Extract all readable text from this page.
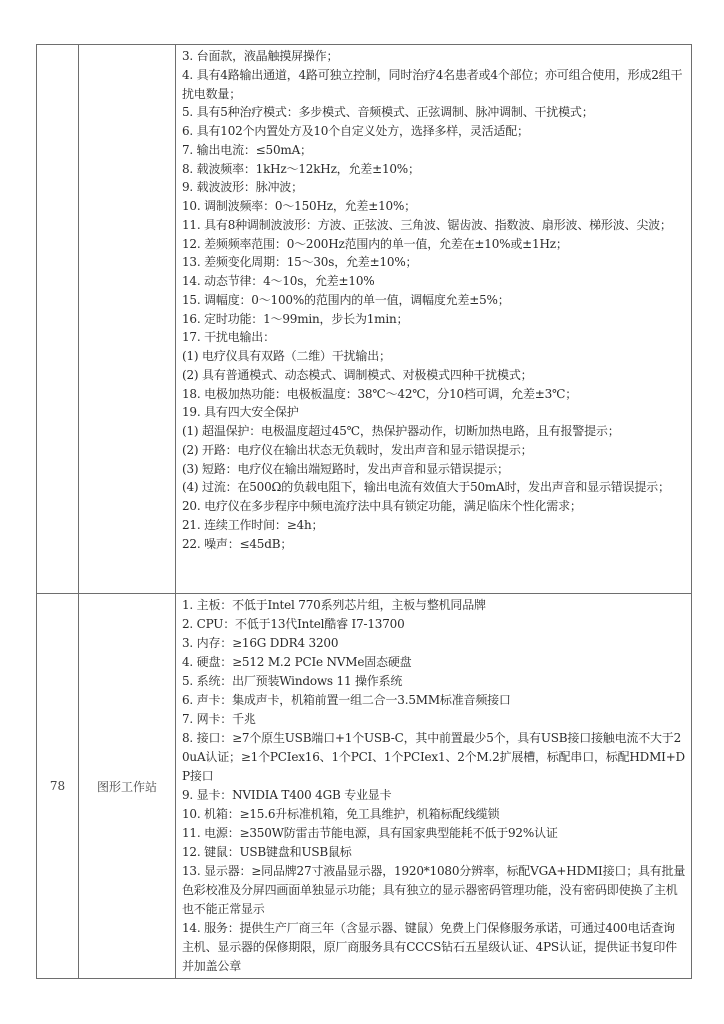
3. 台面款，液晶触摸屏操作；
4. 具有4路输出通道，4路可独立控制，同时治疗4名患者或4个部位；亦可组合使用，形成2组干扰电数量；
5. 具有5种治疗模式：多步模式、音频模式、正弦调制、脉冲调制、干扰模式；
6. 具有102个内置处方及10个自定义处方，选择多样，灵活适配；
7. 输出电流：≤50mA；
8. 载波频率：1kHz～12kHz，允差±10%；
9. 载波波形：脉冲波；
10. 调制波频率：0～150Hz，允差±10%；
11. 具有8种调制波波形：方波、正弦波、三角波、锯齿波、指数波、扇形波、梯形波、尖波；
12. 差频频率范围：0～200Hz范围内的单一值，允差在±10%或±1Hz；
13. 差频变化周期：15～30s，允差±10%；
14. 动态节律：4～10s，允差±10%
15. 调幅度：0～100%的范围内的单一值，调幅度允差±5%；
16. 定时功能：1～99min，步长为1min；
17. 干扰电输出：
(1) 电疗仪具有双路（二维）干扰输出；
(2) 具有普通模式、动态模式、调制模式、对极模式四种干扰模式；
18. 电极加热功能：电极板温度：38℃～42℃，分10档可调，允差±3℃；
19. 具有四大安全保护
(1) 超温保护：电极温度超过45℃，热保护器动作，切断加热电路，且有报警提示；
(2) 开路：电疗仪在输出状态无负载时，发出声音和显示错误提示；
(3) 短路：电疗仪在输出端短路时，发出声音和显示错误提示；
(4) 过流：在500Ω的负载电阻下，输出电流有效值大于50mA时，发出声音和显示错误提示；
20. 电疗仪在多步程序中频电流疗法中具有锁定功能，满足临床个性化需求；
21. 连续工作时间：≥4h；
22. 噪声：≤45dB；

78	图形工作站	
1. 主板：不低于Intel 770系列芯片组，主板与整机同品牌
2. CPU：不低于13代Intel酷睿 I7-13700
3. 内存：≥16G DDR4 3200
4. 硬盘：≥512 M.2 PCIe NVMe固态硬盘
5. 系统：出厂预装Windows 11 操作系统
6. 声卡：集成声卡，机箱前置一组二合一3.5MM标准音频接口
7. 网卡：千兆
8. 接口：≥7个原生USB端口+1个USB-C，其中前置最少5个，具有USB接口接触电流不大于20uA认证；≥1个PCIex16、1个PCI、1个PCIex1、2个M.2扩展槽，标配串口，标配HDMI+DP接口
9. 显卡：NVIDIA T400 4GB 专业显卡
10. 机箱：≥15.6升标准机箱，免工具维护，机箱标配线缆锁
11. 电源：≥350W防雷击节能电源，具有国家典型能耗不低于92%认证
12. 键鼠：USB键盘和USB鼠标
13. 显示器：≥同品牌27寸液晶显示器，1920*1080分辨率，标配VGA+HDMI接口；具有批量色彩校准及分屏四画面单独显示功能；具有独立的显示器密码管理功能，没有密码即使换了主机也不能正常显示
14. 服务：提供生产厂商三年（含显示器、键鼠）免费上门保修服务承诺，可通过400电话查询主机、显示器的保修期限，原厂商服务具有CCCS钻石五星级认证、4PS认证，提供证书复印件并加盖公章
